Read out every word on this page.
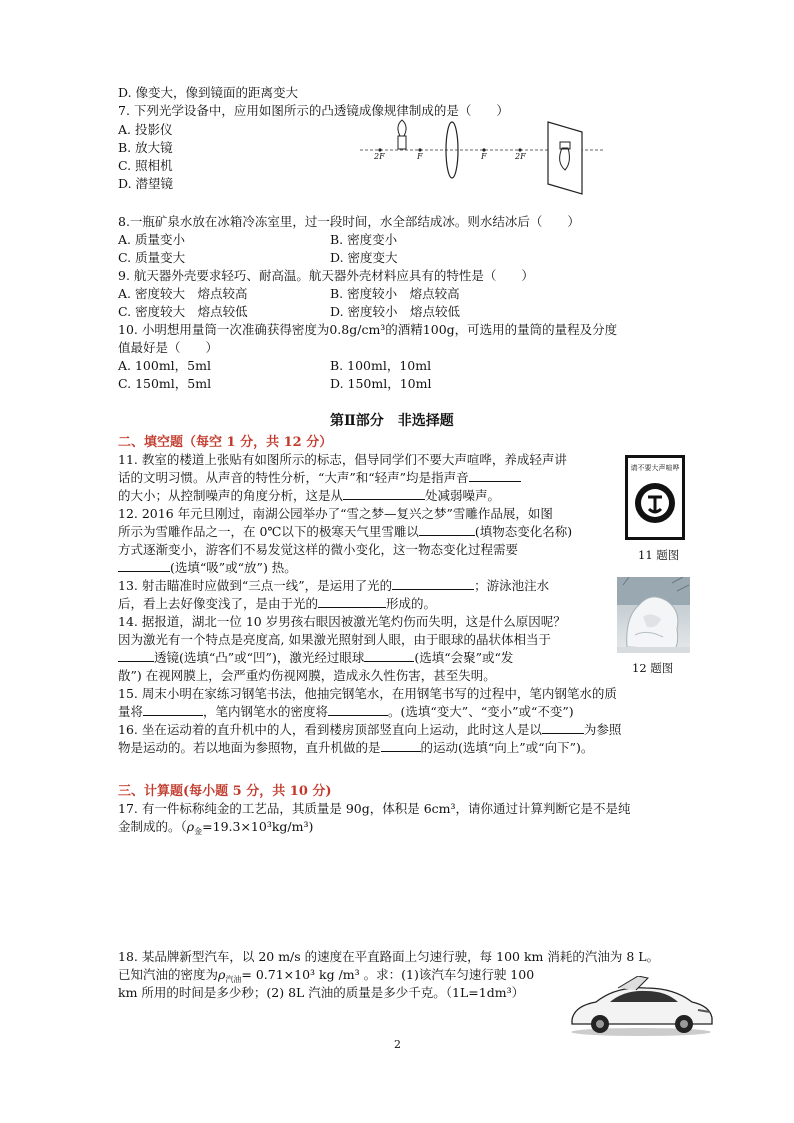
D. 像变大，像到镜面的距离变大
7. 下列光学设备中，应用如图所示的凸透镜成像规律制成的是（　　）
A. 投影仪
B. 放大镜
C. 照相机
D. 潜望镜
2F	F	F	2F
8.一瓶矿泉水放在冰箱冷冻室里，过一段时间，水全部结成冰。则水结冰后（　　）
A. 质量变小	B. 密度变小
C. 质量变大	D. 密度变大
9. 航天器外壳要求轻巧、耐高温。航天器外壳材料应具有的特性是（　　）
A. 密度较大　熔点较高	B. 密度较小　熔点较高
C. 密度较大　熔点较低	D. 密度较小　熔点较低
10. 小明想用量筒一次准确获得密度为0.8g/cm³的酒精100g，可选用的量筒的量程及分度
值最好是（　　）
A. 100ml，5ml	B. 100ml，10ml
C. 150ml，5ml	D. 150ml，10ml
第Ⅱ部分　非选择题
二、填空题（每空 1 分，共 12 分）
11. 教室的楼道上张贴有如图所示的标志，倡导同学们不要大声喧哗，养成轻声讲
话的文明习惯。从声音的特性分析，“大声”和“轻声”均是指声音
的大小；从控制噪声的角度分析，这是从	处减弱噪声。
请不要大声喧哗
11 题图
12. 2016 年元旦刚过，南湖公园举办了“雪之梦—复兴之梦”雪雕作品展，如图
所示为雪雕作品之一，在 0℃以下的极寒天气里雪雕以	(填物态变化名称)
方式逐渐变小，游客们不易发觉这样的微小变化，这一物态变化过程需要
(选填“吸”或“放”) 热。
12 题图
13. 射击瞄准时应做到“三点一线”，是运用了光的	；游泳池注水
后，看上去好像变浅了，是由于光的	形成的。
14. 据报道，湖北一位 10 岁男孩右眼因被激光笔灼伤而失明，这是什么原因呢？
因为激光有一个特点是亮度高, 如果激光照射到人眼，由于眼球的晶状体相当于
透镜(选填“凸”或“凹”)，激光经过眼球	(选填“会聚”或“发
散”) 在视网膜上，会严重灼伤视网膜，造成永久性伤害，甚至失明。
15. 周末小明在家练习钢笔书法，他抽完钢笔水，在用钢笔书写的过程中，笔内钢笔水的质
量将	，笔内钢笔水的密度将	。(选填“变大”、“变小”或“不变”)
16. 坐在运动着的直升机中的人，看到楼房顶部竖直向上运动，此时这人是以	为参照
物是运动的。若以地面为参照物，直升机做的是	的运动(选填“向上”或“向下”)。
三、计算题(每小题 5 分，共 10 分)
17. 有一件标称纯金的工艺品，其质量是 90g，体积是 6cm³，请你通过计算判断它是不是纯
金制成的。$(\rho_金=19.3\times 10^3kg/m^3)$
18. 某品牌新型汽车，以 20 m/s 的速度在平直路面上匀速行驶，每 100 km 消耗的汽油为 8 L。
已知汽油的密度为$\rho_{汽油}= 0.71\times 10^3$ kg /m³ 。求：(1)该汽车匀速行驶 100
km 所用的时间是多少秒；(2) 8L 汽油的质量是多少千克。（1L=1dm³）
2
